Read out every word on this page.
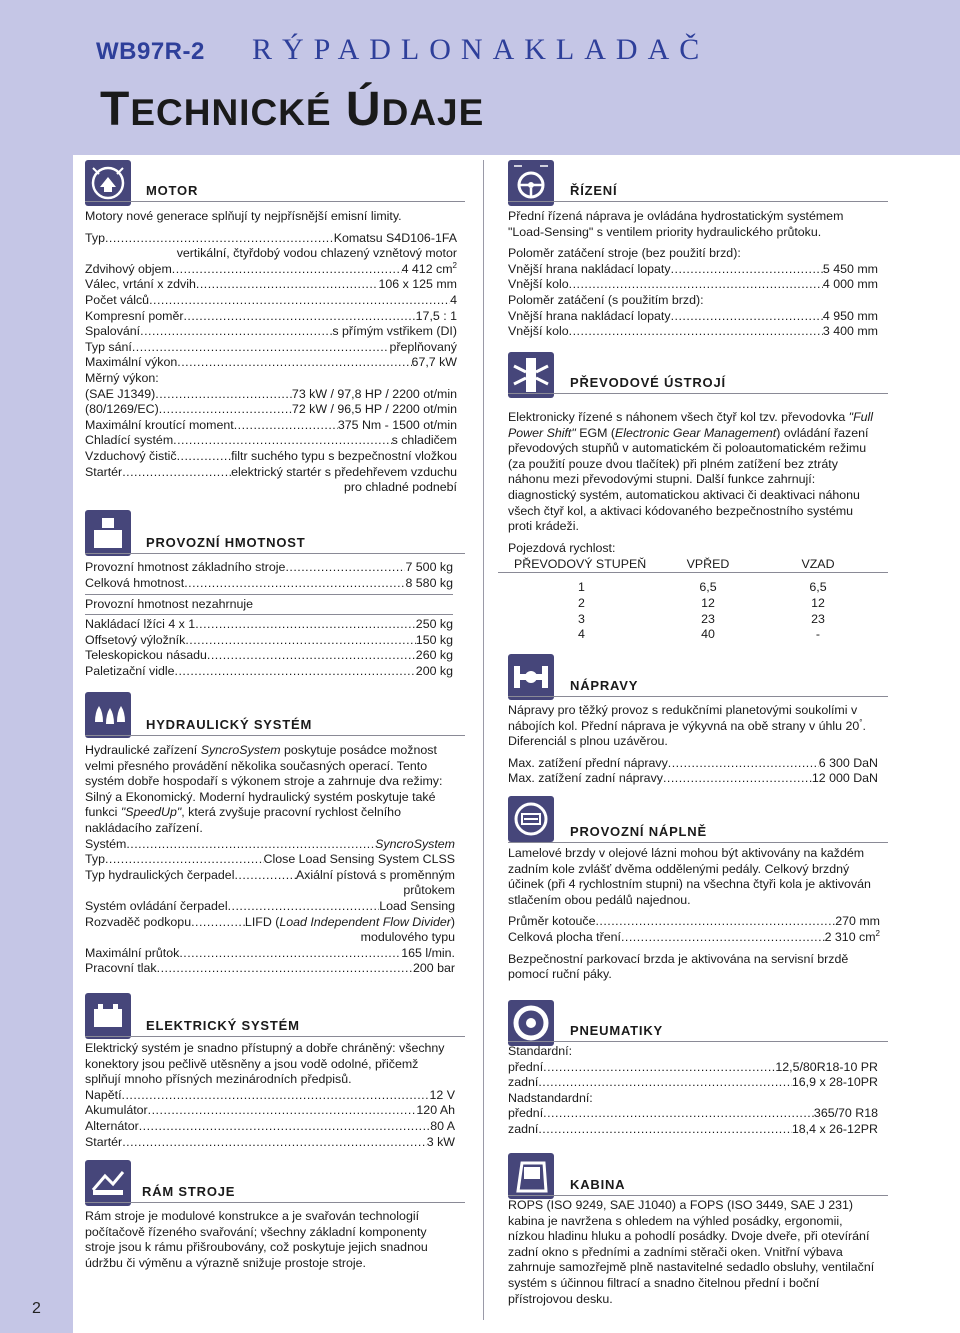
2
WB97R-2 RÝPADLONAKLADAČ
TECHNICKÉ ÚDAJE
MOTOR

Motory nové generace splňují ty nejpřísnější emisní limity.

Typ .....	Komatsu S4D106-1FA
vertikální, čtyřdobý vodou chlazený vznětový motor
Zdvihový objem .....	4 412 $cm^2$
Válec, vrtání x zdvih .....	106 x 125 mm
Počet válců .....	4
Kompresní poměr .....	17,5 : 1
Spalování .....	s přímým vstřikem (DI)
Typ sání .....	přeplňovaný
Maximální výkon .....	67,7 kW
Měrný výkon:
(SAE J1349) .....	73 kW / 97,8 HP / 2200 ot/min
(80/1269/EC) .....	72 kW / 96,5 HP / 2200 ot/min
Maximální kroutící moment .....	375 Nm - 1500 ot/min
Chladící systém .....	s chladičem
Vzduchový čistič .....	filtr suchého typu s bezpečnostní vložkou
Startér .....	elektrický startér s předehřevem vzduchu
pro chladné podnebí
PROVOZNÍ HMOTNOST
Provozní hmotnost základního stroje .....	7 500 kg
Celková hmotnost .....	8 580 kg
Provozní hmotnost nezahrnuje
Nakládací lžíci 4 x 1 .....	250 kg
Offsetový výložník .....	150 kg
Teleskopickou násadu .....	260 kg
Paletizační vidle .....	200 kg
HYDRAULICKÝ SYSTÉM

Hydraulické zařízení SyncroSystem poskytuje posádce možnost velmi přesného provádění několika současných operací. Tento systém dobře hospodaří s výkonem stroje a zahrnuje dva režimy: Silný a Ekonomický. Moderní hydraulický systém poskytuje také funkci "SpeedUp", která zvyšuje pracovní rychlost čelního nakládacího zařízení.

Systém .....	SyncroSystem
Typ .....	Close Load Sensing System CLSS
Typ hydraulických čerpadel .....	Axiální pístová s proměnným
průtokem
Systém ovládání čerpadel .....	Load Sensing
Rozvaděč podkopu .....	LIFD (Load Independent Flow Divider)
modulového typu
Maximální průtok .....	165 l/min.
Pracovní tlak .....	200 bar
ELEKTRICKÝ SYSTÉM

Elektrický systém je snadno přístupný a dobře chráněný: všechny konektory jsou pečlivě utěsněny a jsou vodě odolné, přičemž splňují mnoho přísných mezinárodních předpisů.

Napětí .....	12 V
Akumulátor .....	120 Ah
Alternátor .....	80 A
Startér .....	3 kW
RÁM STROJE

Rám stroje je modulové konstrukce a je svařován technologií počítačově řízeného svařování; všechny základní komponenty stroje jsou k rámu přišroubovány, což poskytuje jejich snadnou údržbu či výměnu a výrazně snižuje prostoje stroje.

ŘÍZENÍ

Přední řízená náprava je ovládána hydrostatickým systémem "Load-Sensing" s ventilem priority hydraulického průtoku.

Poloměr zatáčení stroje (bez použití brzd):
Vnější hrana nakládací lopaty .....	5 450 mm
Vnější kolo .....	4 000 mm
Poloměr zatáčení (s použitím brzd):
Vnější hrana nakládací lopaty .....	4 950 mm
Vnější kolo .....	3 400 mm
PŘEVODOVÉ ÚSTROJÍ

Elektronicky řízené s náhonem všech čtyř kol tzv. převodovka "Full Power Shift" EGM (Electronic Gear Management) ovládání řazení převodových stupňů v automatickém či poloautomatickém režimu (za použití pouze dvou tlačítek) při plném zatížení bez ztráty náhonu mezi převodovými stupni. Další funkce zahrnují: diagnostický systém, automatickou aktivaci či deaktivaci náhonu všech čtyř kol, a aktivaci kódovaného bezpečnostního systému proti krádeži.

Pojezdová rychlost:
PŘEVODOVÝ STUPEŇ	VPŘED	VZAD

1	6,5	6,5
2	12	12
3	23	23
4	40	-
NÁPRAVY

Nápravy pro těžký provoz s redukčními planetovými soukolími v nábojích kol. Přední náprava je výkyvná na obě strany v úhlu 20°. Diferenciál s plnou uzávěrou.

Max. zatížení přední nápravy .....	6 300 DaN
Max. zatížení zadní nápravy .....	12 000 DaN
PROVOZNÍ NÁPLNĚ

Lamelové brzdy v olejové lázni mohou být aktivovány na každém zadním kole zvlášť dvěma oddělenými pedály. Celkový brzdný účinek (při 4 rychlostním stupni) na všechna čtyři kola je aktivován stlačením obou pedálů najednou.

Průměr kotouče .....	270 mm
Celková plocha tření .....	2 310 $cm^2$

Bezpečnostní parkovací brzda je aktivována na servisní brzdě pomocí ruční páky.

PNEUMATIKY
Standardní:
přední .....	12,5/80R18-10 PR
zadní .....	16,9 x 28-10PR
Nadstandardní:
přední .....	365/70 R18
zadní .....	18,4 x 26-12PR
KABINA

ROPS (ISO 9249, SAE J1040) a FOPS (ISO 3449, SAE J 231) kabina je navržena s ohledem na výhled posádky, ergonomii, nízkou hladinu hluku a pohodlí posádky. Dvoje dveře, při otevírání zadní okno s předními a zadními stěrači oken. Vnitřní výbava zahrnuje samozřejmě plně nastavitelné sedadlo obsluhy, ventilační systém s účinnou filtrací a snadno čitelnou přední i boční přístrojovou desku.
